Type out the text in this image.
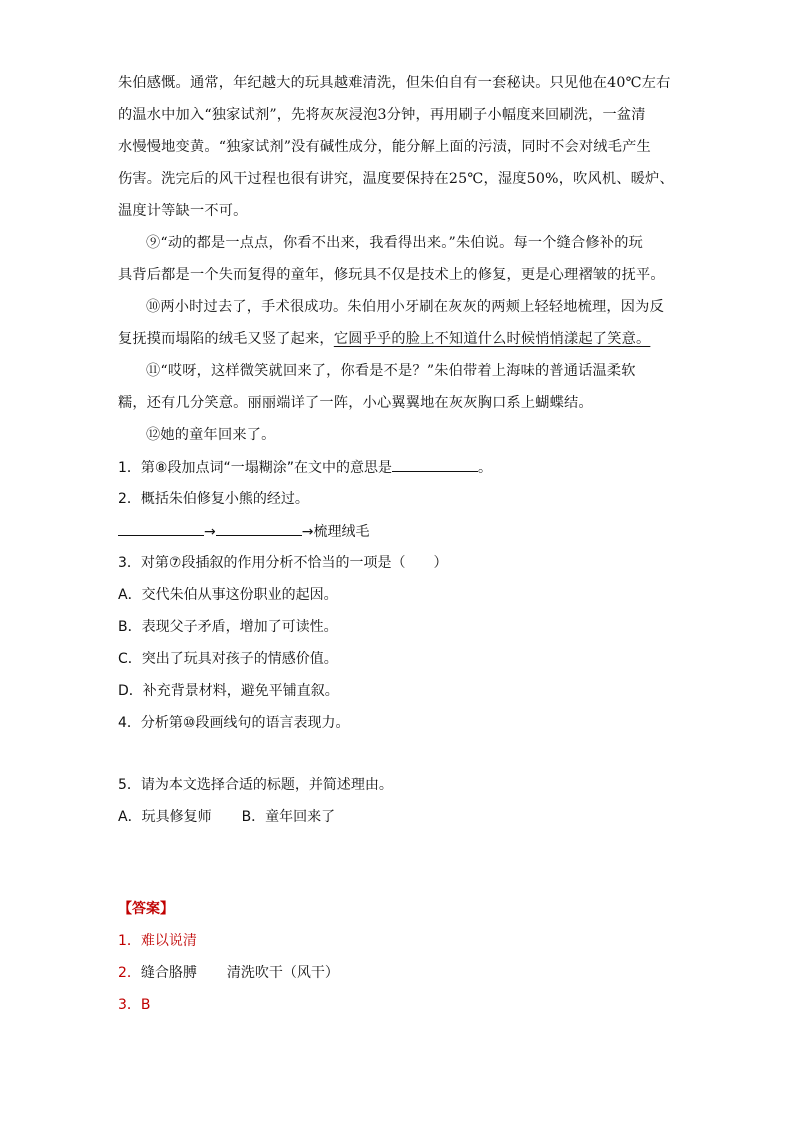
朱伯感慨。通常，年纪越大的玩具越难清洗，但朱伯自有一套秘诀。只见他在40℃左右
的温水中加入“独家试剂”，先将灰灰浸泡3分钟，再用刷子小幅度来回刷洗，一盆清
水慢慢地变黄。“独家试剂”没有碱性成分，能分解上面的污渍，同时不会对绒毛产生
伤害。洗完后的风干过程也很有讲究，温度要保持在25℃，湿度50%，吹风机、暖炉、
温度计等缺一不可。
⑨“动的都是一点点，你看不出来，我看得出来。”朱伯说。每一个缝合修补的玩
具背后都是一个失而复得的童年，修玩具不仅是技术上的修复，更是心理褶皱的抚平。
⑩两小时过去了，手术很成功。朱伯用小牙刷在灰灰的两颊上轻轻地梳理，因为反
复抚摸而塌陷的绒毛又竖了起来，它圆乎乎的脸上不知道什么时候悄悄漾起了笑意。
⑪“哎呀，这样微笑就回来了，你看是不是？”朱伯带着上海味的普通话温柔软
糯，还有几分笑意。丽丽端详了一阵，小心翼翼地在灰灰胸口系上蝴蝶结。
⑫她的童年回来了。
1．第⑧段加点词“一塌糊涂”在文中的意思是	。
2．概括朱伯修复小熊的经过。
→	→梳理绒毛
3．对第⑦段插叙的作用分析不恰当的一项是（　　）
A．交代朱伯从事这份职业的起因。
B．表现父子矛盾，增加了可读性。
C．突出了玩具对孩子的情感价值。
D．补充背景材料，避免平铺直叙。
4．分析第⑩段画线句的语言表现力。
5．请为本文选择合适的标题，并简述理由。
A．玩具修复师 B．童年回来了
【答案】
1．难以说清
2．缝合胳膊 清洗吹干（风干）
3．B
